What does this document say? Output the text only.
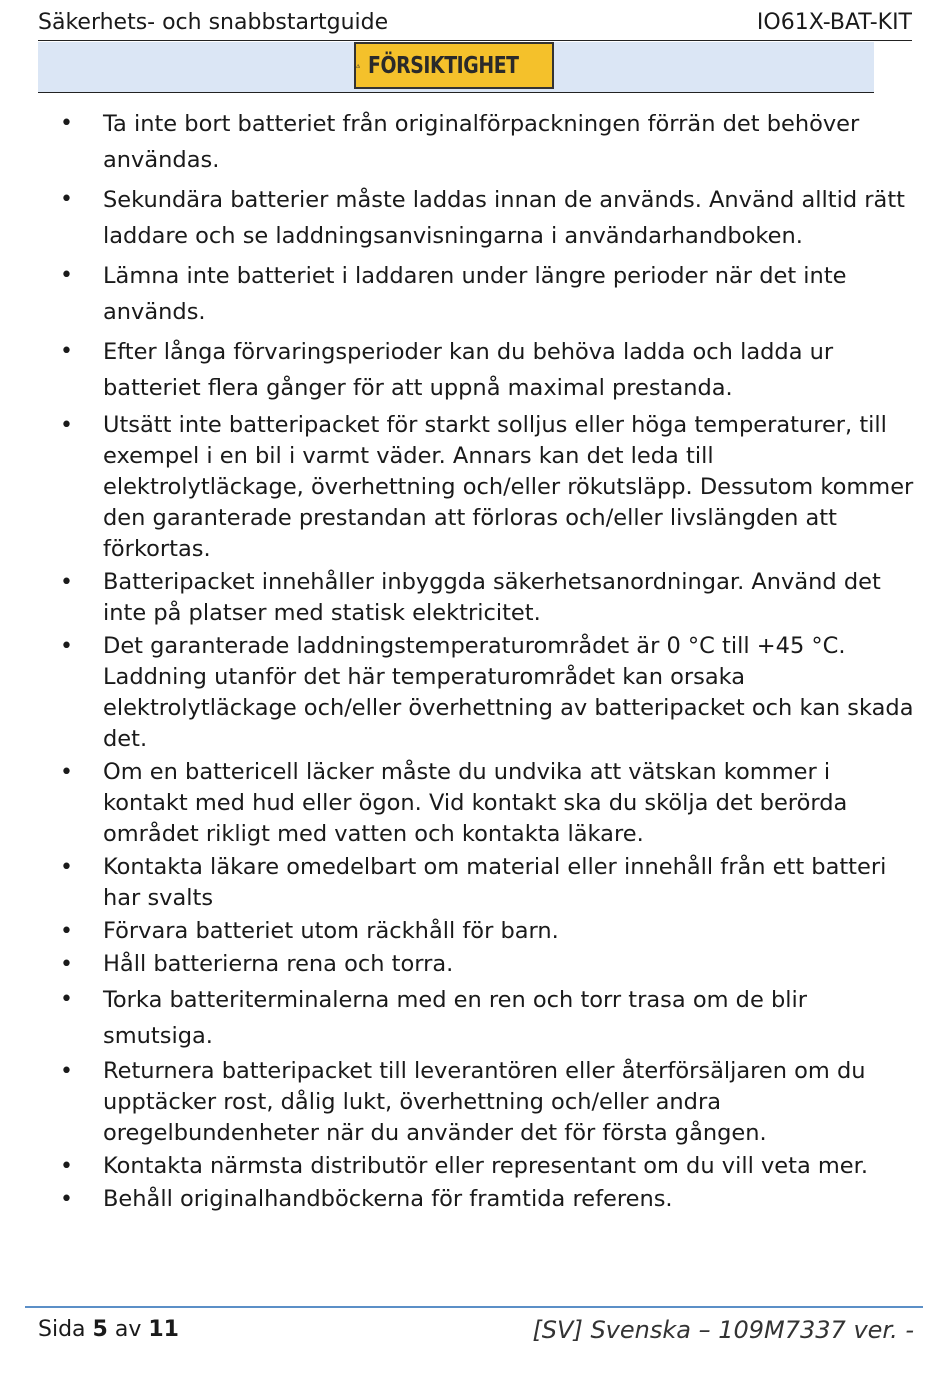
Säkerhets- och snabbstartguide	IO61X-BAT-KIT
FÖRSIKTIGHET
• Ta inte bort batteriet från originalförpackningen förrän det behöver användas.
• Sekundära batterier måste laddas innan de används. Använd alltid rätt laddare och se laddningsanvisningarna i användarhandboken.
• Lämna inte batteriet i laddaren under längre perioder när det inte används.
• Efter långa förvaringsperioder kan du behöva ladda och ladda ur batteriet flera gånger för att uppnå maximal prestanda.
• Utsätt inte batteripacket för starkt solljus eller höga temperaturer, till exempel i en bil i varmt väder. Annars kan det leda till elektrolytläckage, överhettning och/eller rökutsläpp. Dessutom kommer den garanterade prestandan att förloras och/eller livslängden att förkortas.
• Batteripacket innehåller inbyggda säkerhetsanordningar. Använd det inte på platser med statisk elektricitet.
• Det garanterade laddningstemperaturområdet är 0 °C till +45 °C. Laddning utanför det här temperaturområdet kan orsaka elektrolytläckage och/eller överhettning av batteripacket och kan skada det.
• Om en battericell läcker måste du undvika att vätskan kommer i kontakt med hud eller ögon. Vid kontakt ska du skölja det berörda området rikligt med vatten och kontakta läkare.
• Kontakta läkare omedelbart om material eller innehåll från ett batteri har svalts
• Förvara batteriet utom räckhåll för barn.
• Håll batterierna rena och torra.
• Torka batteriterminalerna med en ren och torr trasa om de blir smutsiga.
• Returnera batteripacket till leverantören eller återförsäljaren om du upptäcker rost, dålig lukt, överhettning och/eller andra oregelbundenheter när du använder det för första gången.
• Kontakta närmsta distributör eller representant om du vill veta mer.
• Behåll originalhandböckerna för framtida referens.
Sida 5 av 11	[SV] Svenska – 109M7337 ver. -
